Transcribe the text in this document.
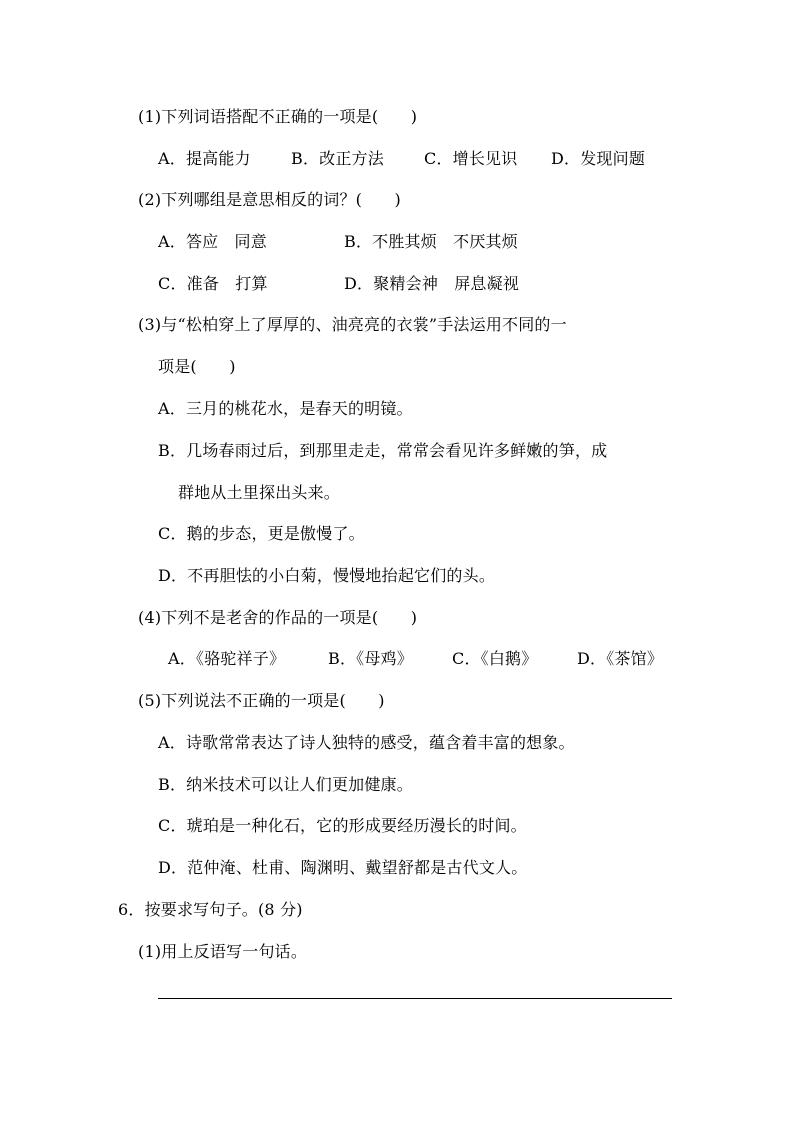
(1)下列词语搭配不正确的一项是(　　)
A．提高能力	B．改正方法	C．增长见识	D．发现问题
(2)下列哪组是意思相反的词？(　　)
A．答应　同意	B．不胜其烦　不厌其烦
C．准备　打算	D．聚精会神　屏息凝视
(3)与“松柏穿上了厚厚的、油亮亮的衣裳”手法运用不同的一
项是(　　)
A．三月的桃花水，是春天的明镜。
B．几场春雨过后，到那里走走，常常会看见许多鲜嫩的笋，成
群地从土里探出头来。
C．鹅的步态，更是傲慢了。
D．不再胆怯的小白菊，慢慢地抬起它们的头。
(4)下列不是老舍的作品的一项是(　　)
A．《骆驼祥子》	B．《母鸡》	C．《白鹅》	D．《茶馆》
(5)下列说法不正确的一项是(　　)
A．诗歌常常表达了诗人独特的感受，蕴含着丰富的想象。
B．纳米技术可以让人们更加健康。
C．琥珀是一种化石，它的形成要经历漫长的时间。
D．范仲淹、杜甫、陶渊明、戴望舒都是古代文人。
6．按要求写句子。(8 分)
(1)用上反语写一句话。
